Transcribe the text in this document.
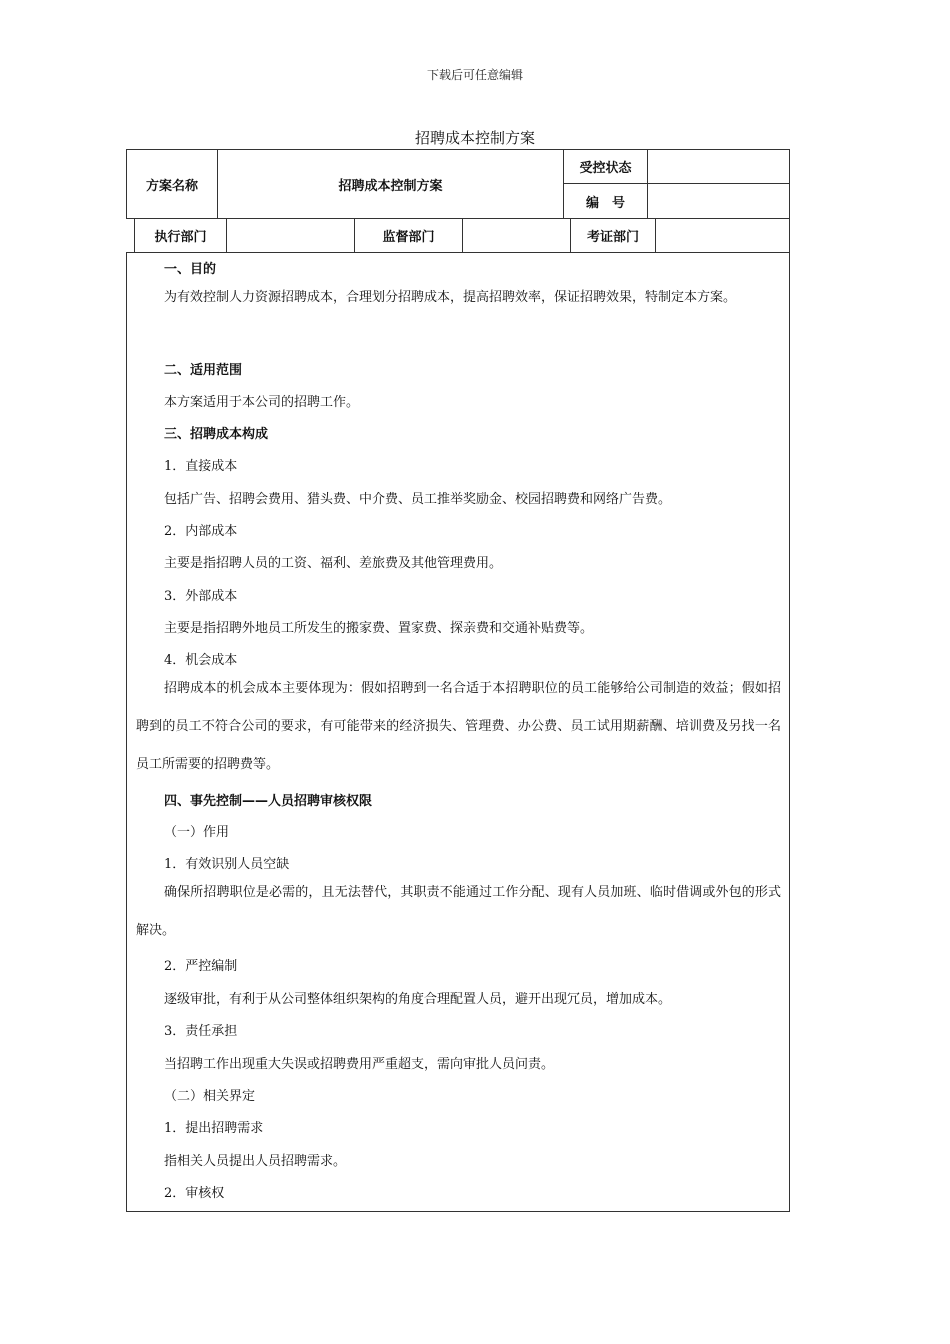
下载后可任意编辑
招聘成本控制方案
方案名称	招聘成本控制方案
受控状态
编　号
执行部门	监督部门	考证部门
一、目的
为有效控制人力资源招聘成本，合理划分招聘成本，提高招聘效率，保证招聘效果，特制定本方案。
二、适用范围
本方案适用于本公司的招聘工作。
三、招聘成本构成
1．直接成本
包括广告、招聘会费用、猎头费、中介费、员工推举奖励金、校园招聘费和网络广告费。
2．内部成本
主要是指招聘人员的工资、福利、差旅费及其他管理费用。
3．外部成本
主要是指招聘外地员工所发生的搬家费、置家费、探亲费和交通补贴费等。
4．机会成本
招聘成本的机会成本主要体现为：假如招聘到一名合适于本招聘职位的员工能够给公司制造的效益；假如招聘到的员工不符合公司的要求，有可能带来的经济损失、管理费、办公费、员工试用期薪酬、培训费及另找一名员工所需要的招聘费等。
四、事先控制——人员招聘审核权限
（一）作用
1．有效识别人员空缺
确保所招聘职位是必需的，且无法替代，其职责不能通过工作分配、现有人员加班、临时借调或外包的形式解决。
2．严控编制
逐级审批，有利于从公司整体组织架构的角度合理配置人员，避开出现冗员，增加成本。
3．责任承担
当招聘工作出现重大失误或招聘费用严重超支，需向审批人员问责。
（二）相关界定
1．提出招聘需求
指相关人员提出人员招聘需求。
2．审核权
